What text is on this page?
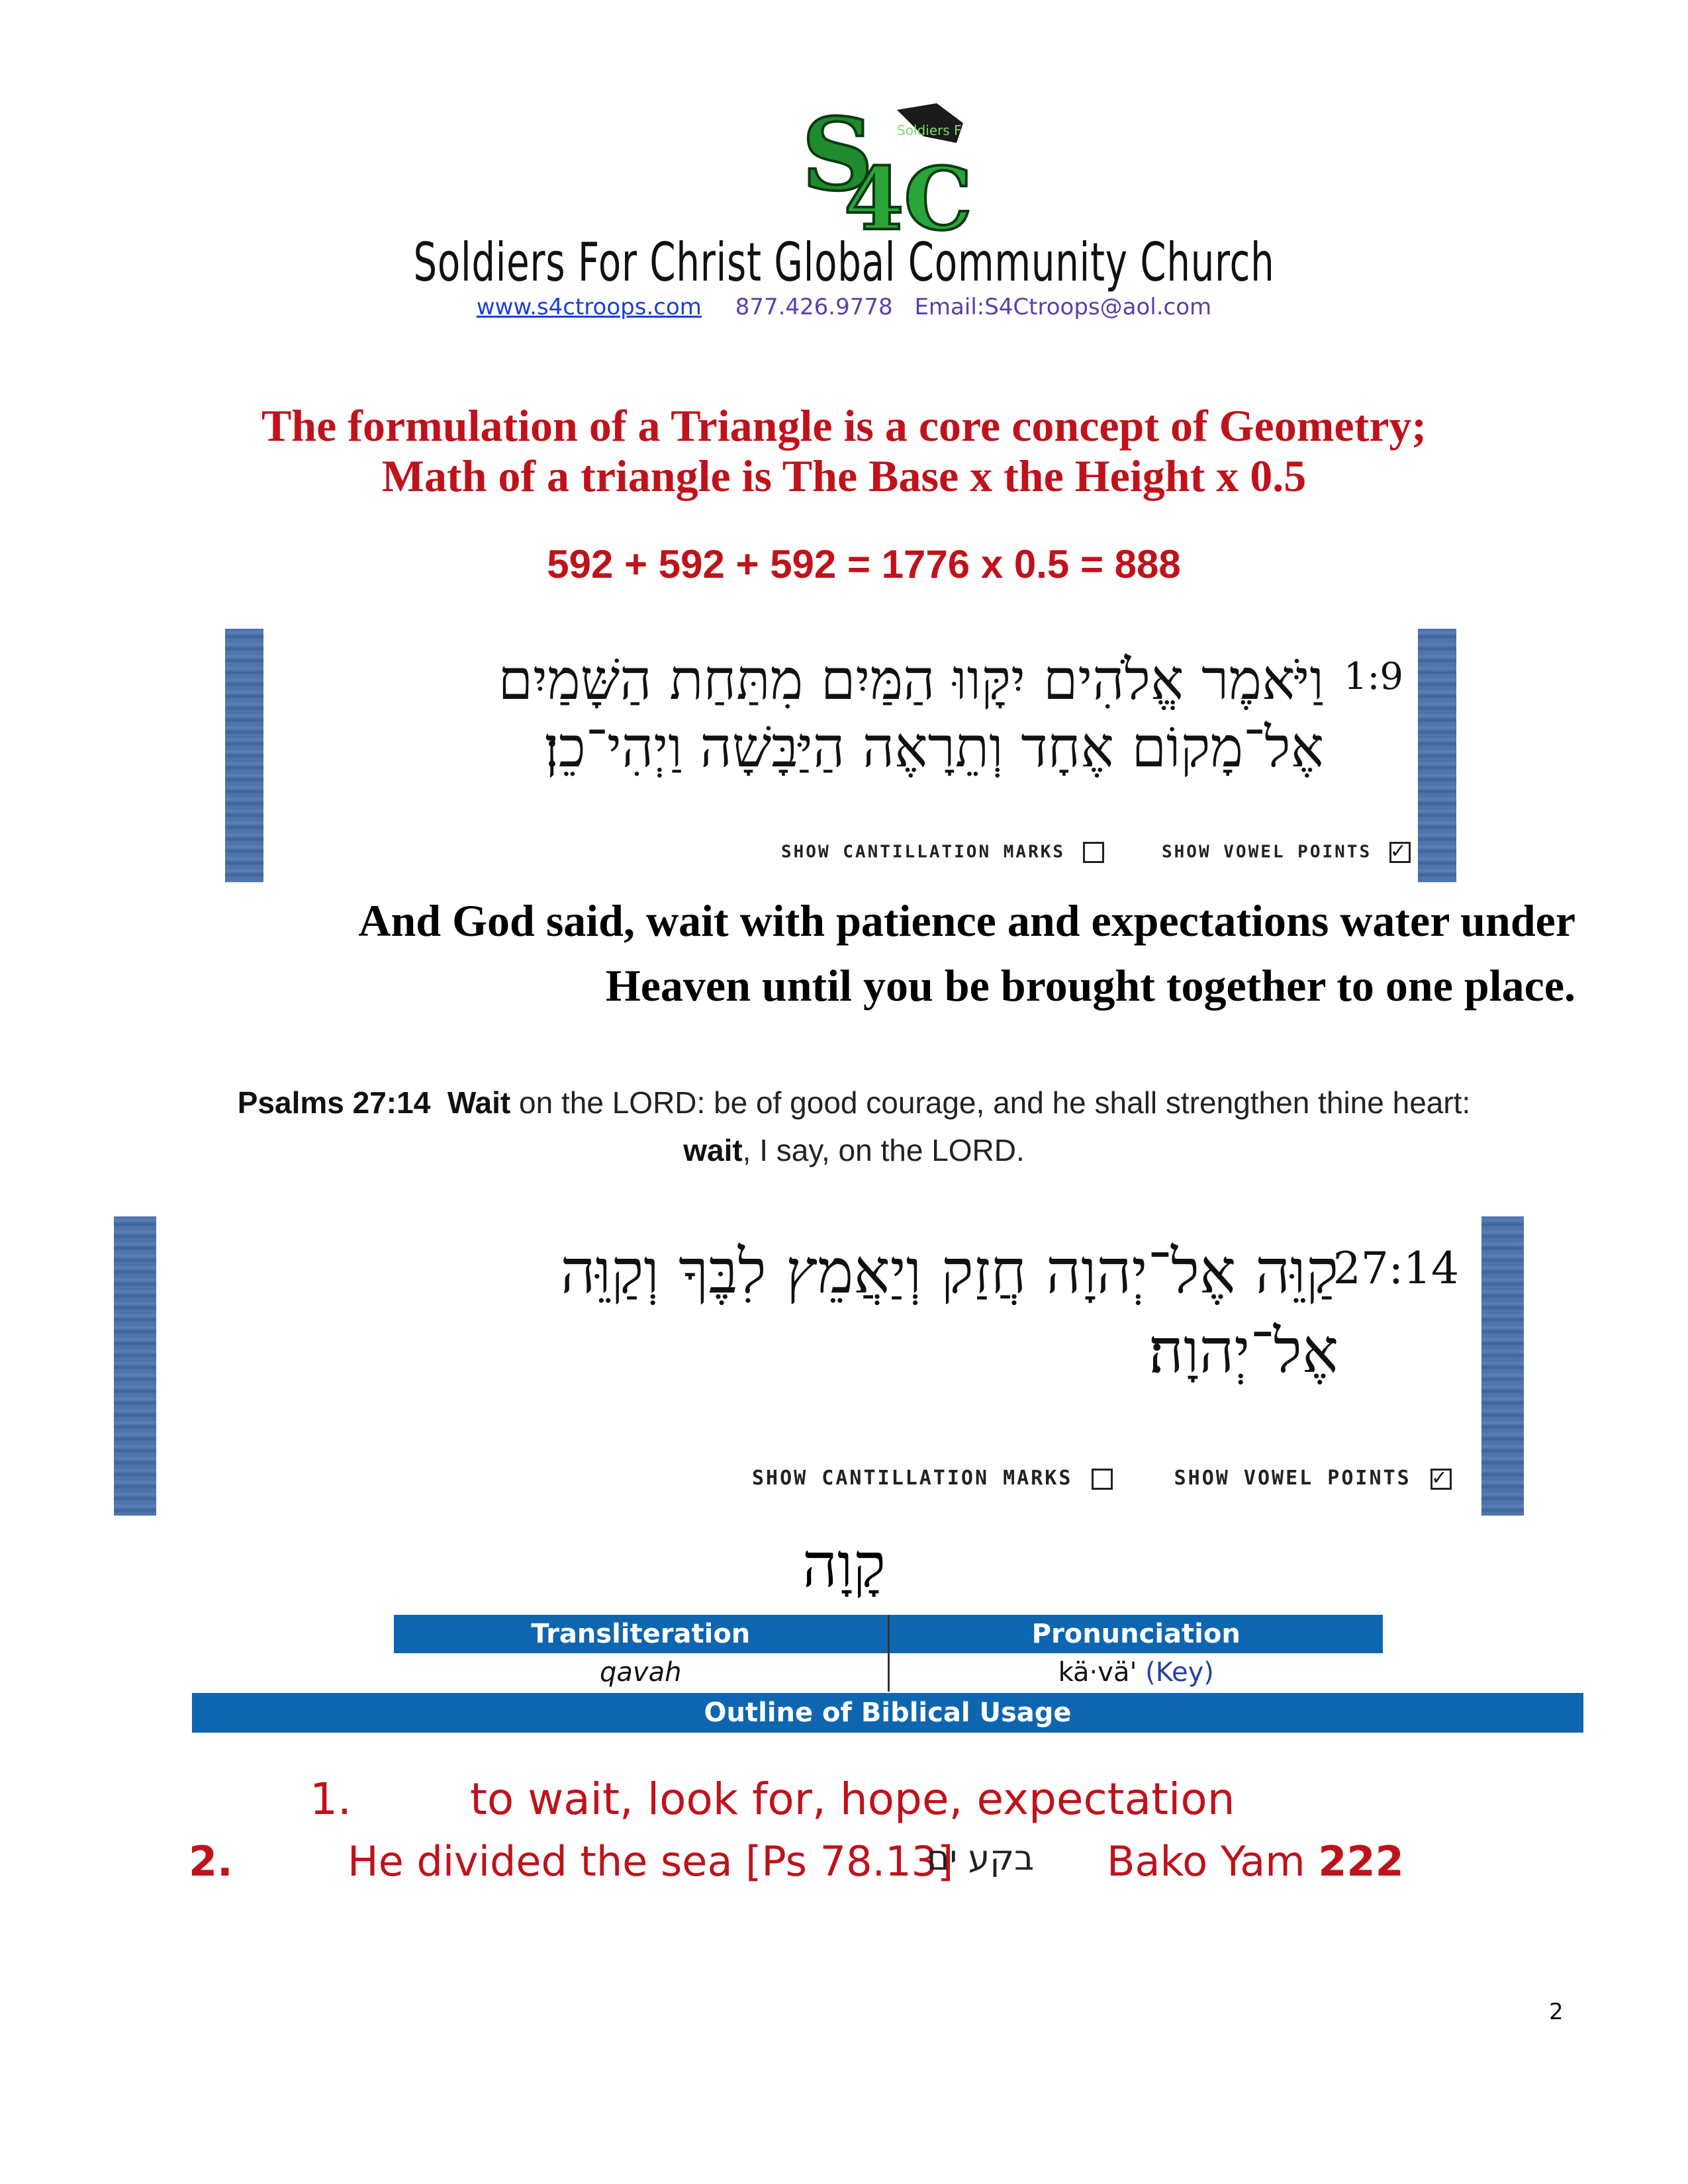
S
4C
Soldiers F
Soldiers For Christ Global Community Church
www.s4ctroops.com 877.426.9778 Email:S4Ctroops@aol.com
The formulation of a Triangle is a core concept of Geometry;
Math of a triangle is The Base x the Height x 0.5
592 + 592 + 592 = 1776 x 0.5 = 888
1:9
וַיֹּאמֶר אֱלֹהִים יִקָּווּ הַמַּיִם מִתַּחַת הַשָּׁמַיִם
אֶל־מָקוֹם אֶחָד וְתֵרָאֶה הַיַּבָּשָׁה וַיְהִי־כֵן׃
SHOW CANTILLATION MARKS	SHOW VOWEL POINTS ✓
And God said, wait with patience and expectations water under
Heaven until you be brought together to one place.
Psalms 27:14 Wait on the LORD: be of good courage, and he shall strengthen thine heart:
wait, I say, on the LORD.
27:14
קַוֵּה אֶל־יְהוָה חֲזַק וְיַאֲמֵץ לִבֶּךָ וְקַוֵּה
אֶל־יְהוָה׃
SHOW CANTILLATION MARKS	SHOW VOWEL POINTS ✓
קָוָה
Transliteration	Pronunciation
qavah	kä·vä' (Key)
Outline of Biblical Usage
1.	to wait, look for, hope, expectation
2.	He divided the sea [Ps 78.13]
בקע ים Bako Yam 222
2
